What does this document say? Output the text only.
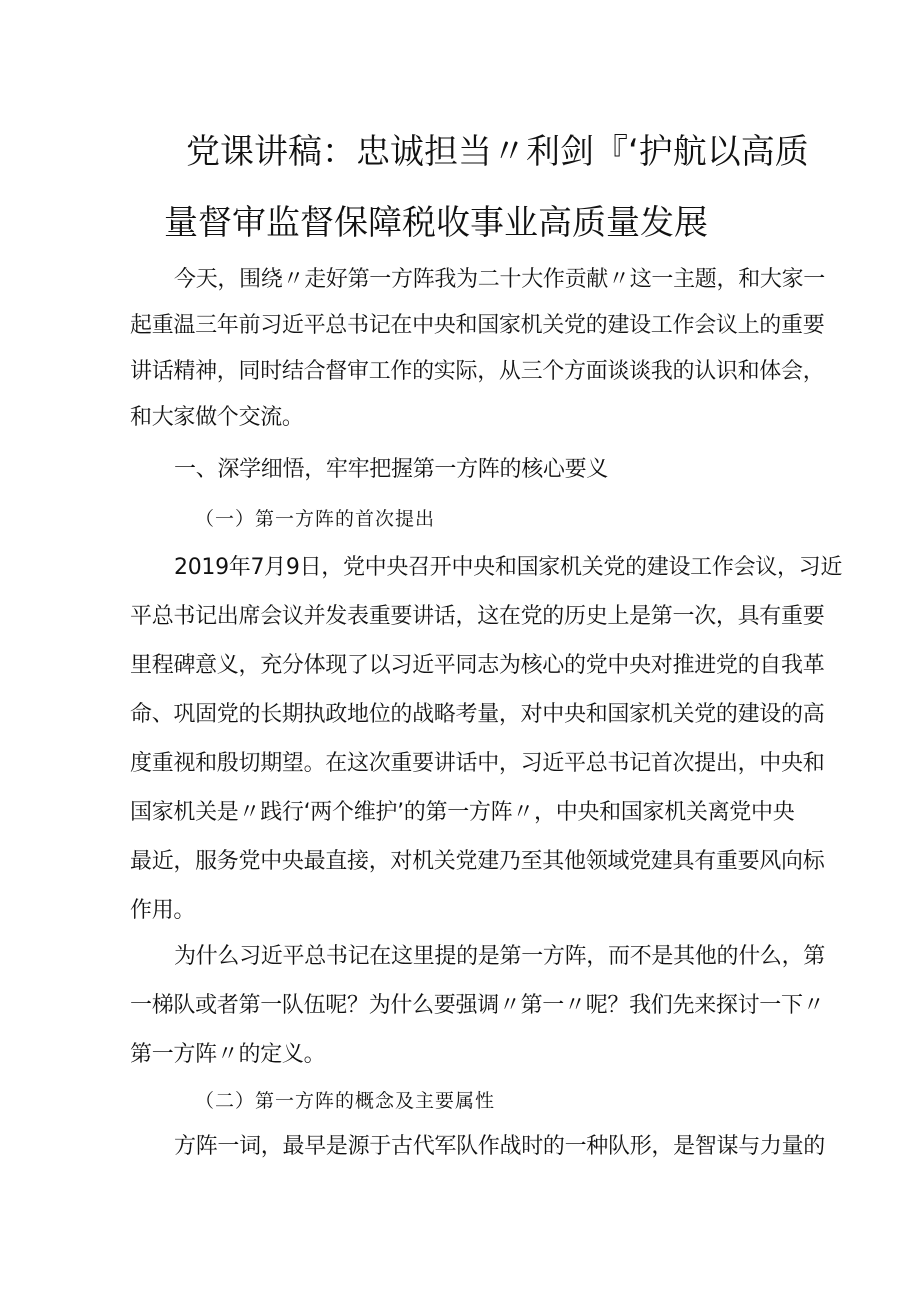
党课讲稿：忠诚担当〃利剑『‘护航以高质
量督审监督保障税收事业高质量发展
今天，围绕〃走好第一方阵我为二十大作贡献〃这一主题，和大家一
起重温三年前习近平总书记在中央和国家机关党的建设工作会议上的重要
讲话精神，同时结合督审工作的实际，从三个方面谈谈我的认识和体会，
和大家做个交流。
一、深学细悟，牢牢把握第一方阵的核心要义
（一）第一方阵的首次提出
2019年7月9日，党中央召开中央和国家机关党的建设工作会议，习近
平总书记出席会议并发表重要讲话，这在党的历史上是第一次，具有重要
里程碑意义，充分体现了以习近平同志为核心的党中央对推进党的自我革
命、巩固党的长期执政地位的战略考量，对中央和国家机关党的建设的高
度重视和殷切期望。在这次重要讲话中，习近平总书记首次提出，中央和
国家机关是〃践行‘两个维护’的第一方阵〃，中央和国家机关离党中央
最近，服务党中央最直接，对机关党建乃至其他领域党建具有重要风向标
作用。
为什么习近平总书记在这里提的是第一方阵，而不是其他的什么，第
一梯队或者第一队伍呢？为什么要强调〃第一〃呢？我们先来探讨一下〃
第一方阵〃的定义。
（二）第一方阵的概念及主要属性
方阵一词，最早是源于古代军队作战时的一种队形，是智谋与力量的
